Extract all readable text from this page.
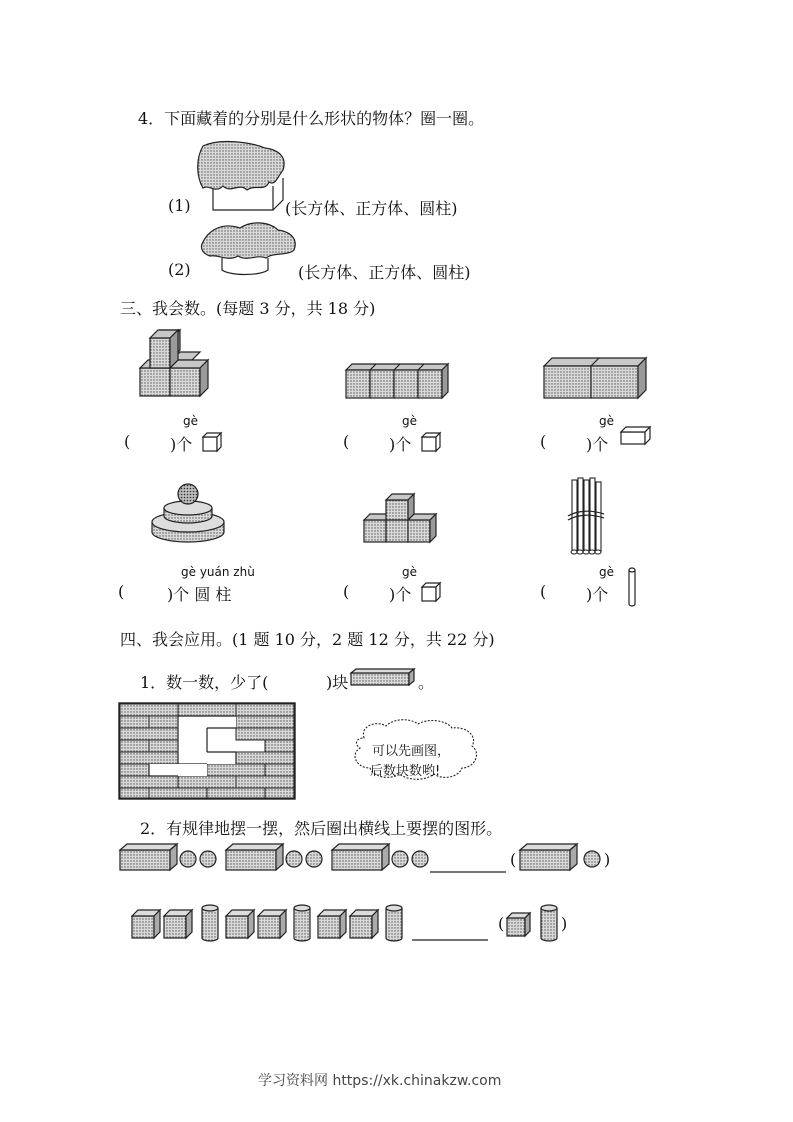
4．下面藏着的分别是什么形状的物体？圈一圈。
(1)	(长方体、正方体、圆柱)
(2)	(长方体、正方体、圆柱)
三、我会数。(每题 3 分，共 18 分)
gè
( )个
gè
( )个
gè
( )个
gè yuán zhù
(	)个 圆 柱
gè
( )个
gè
( )个
四、我会应用。(1 题 10 分，2 题 12 分，共 22 分)
1．数一数，少了(	)块	。
可以先画图，
后数块数哟!
2．有规律地摆一摆，然后圈出横线上要摆的图形。
(	)
(	)
学习资料网 https://xk.chinakzw.com
